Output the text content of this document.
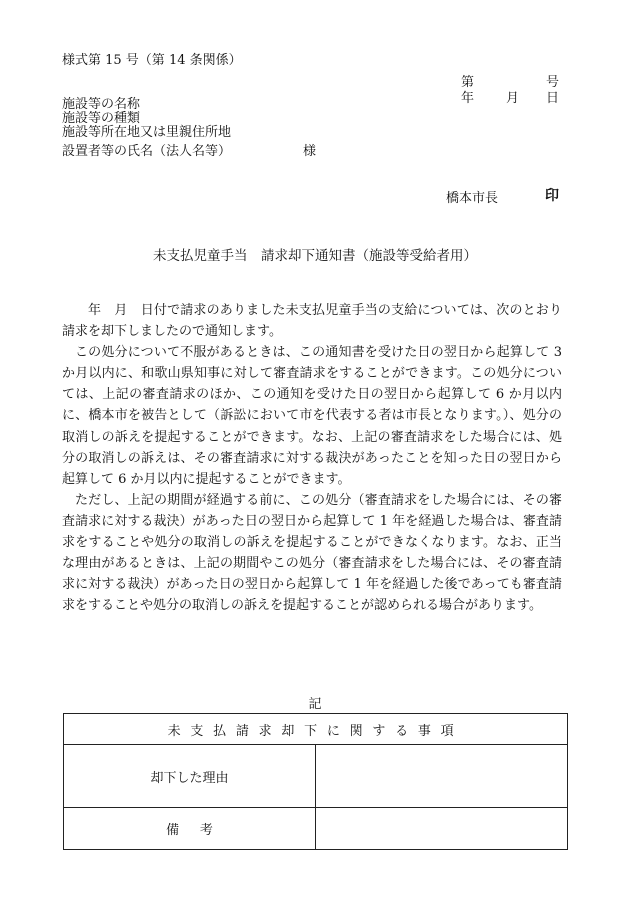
様式第 15 号（第 14 条関係）
第	号
年 月 日
施設等の名称
施設等の種類
施設等所在地又は里親住所地
設置者等の氏名（法人名等）	様
橋本市長	印
未支払児童手当　請求却下通知書（施設等受給者用）

年　月　日付で請求のありました未支払児童手当の支給については、次のとおり請求を却下しましたので通知します。

この処分について不服があるときは、この通知書を受けた日の翌日から起算して 3 か月以内に、和歌山県知事に対して審査請求をすることができます。この処分については、上記の審査請求のほか、この通知を受けた日の翌日から起算して 6 か月以内に、橋本市を被告として（訴訟において市を代表する者は市長となります。）、処分の取消しの訴えを提起することができます。なお、上記の審査請求をした場合には、処分の取消しの訴えは、その審査請求に対する裁決があったことを知った日の翌日から起算して 6 か月以内に提起することができます。

ただし、上記の期間が経過する前に、この処分（審査請求をした場合には、その審査請求に対する裁決）があった日の翌日から起算して 1 年を経過した場合は、審査請求をすることや処分の取消しの訴えを提起することができなくなります。なお、正当な理由があるときは、上記の期間やこの処分（審査請求をした場合には、その審査請求に対する裁決）があった日の翌日から起算して 1 年を経過した後であっても審査請求をすることや処分の取消しの訴えを提起することが認められる場合があります。

記
未支払請求却下に関する事項	
却下した理由	
備考	
